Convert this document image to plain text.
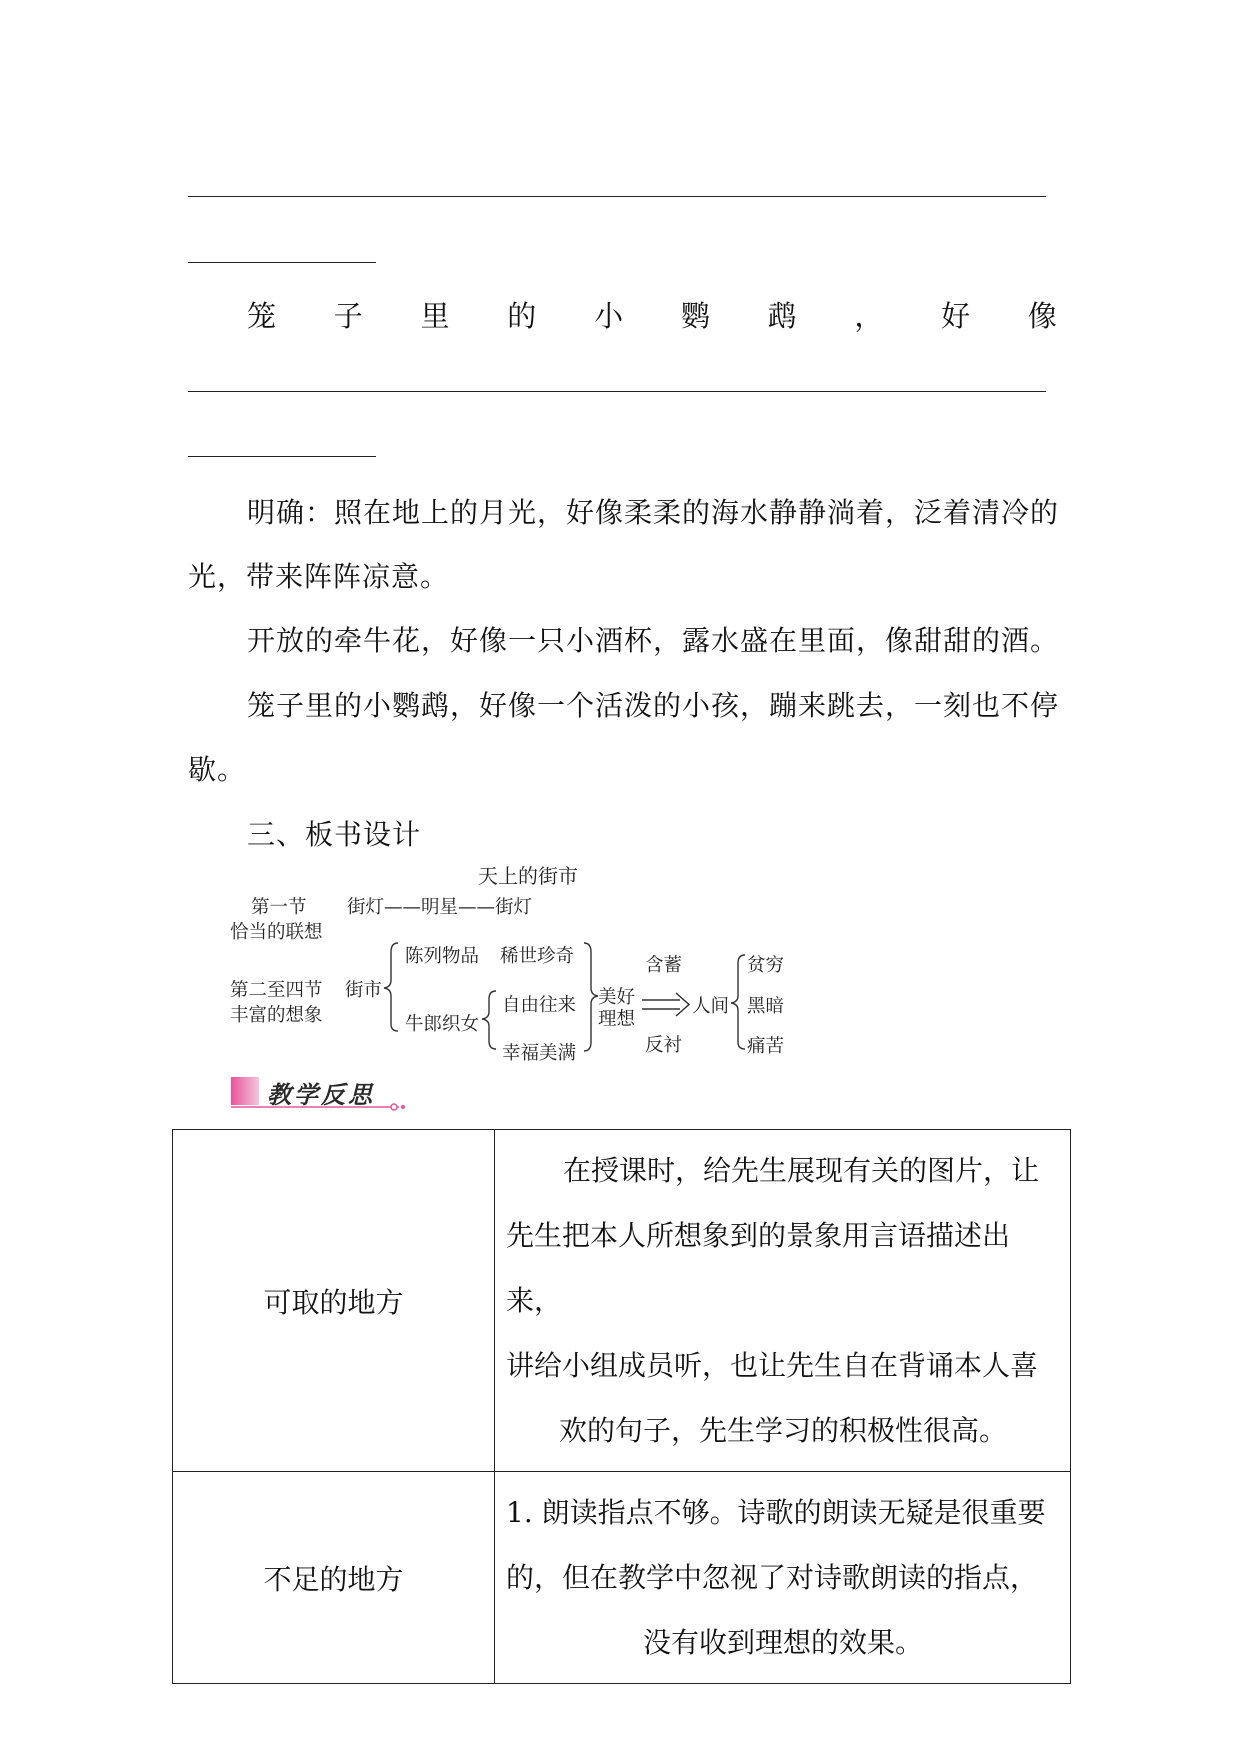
笼 子 里 的 小 鹦 鹉 ， 好 像
明确：照在地上的月光，好像柔柔的海水静静淌着，泛着清冷的
光，带来阵阵凉意。
开放的牵牛花，好像一只小酒杯，露水盛在里面，像甜甜的酒。
笼子里的小鹦鹉，好像一个活泼的小孩，蹦来跳去，一刻也不停
歇。
三、板书设计
天上的街市
第一节
恰当的联想
街灯——明星——街灯
第二至四节
丰富的想象
街市
陈列物品 稀世珍奇
牛郎织女
自由往来
幸福美满
美好
理想
含蓄
反衬
人间
贫穷
黑暗
痛苦
教学反思
可取的地方	在授课时，给先生展现有关的图片，让
先生把本人所想象到的景象用言语描述出来，
讲给小组成员听，也让先生自在背诵本人喜

欢的句子，先生学习的积极性很高。

不足的地方	1. 朗读指点不够。诗歌的朗读无疑是很重要
的，但在教学中忽视了对诗歌朗读的指点，

没有收到理想的效果。
